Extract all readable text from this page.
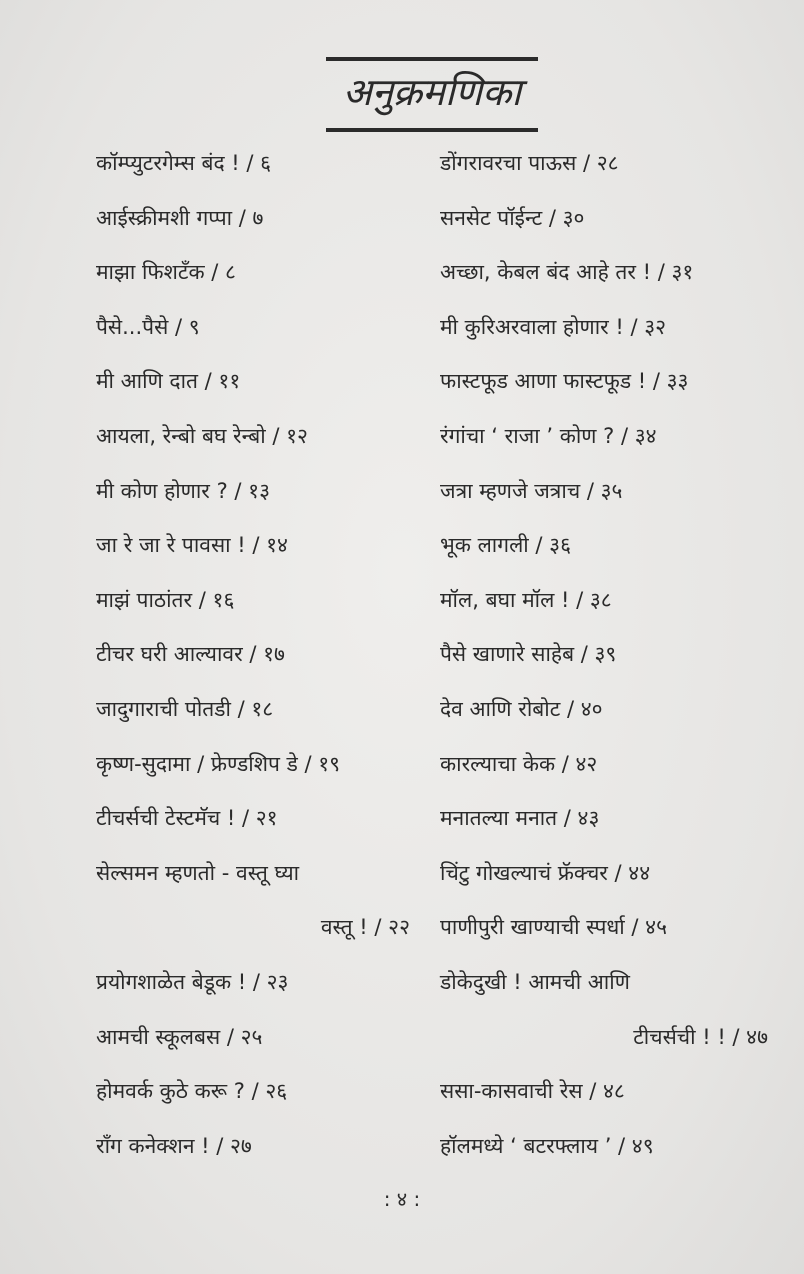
अनुक्रमणिका
कॉम्प्युटरगेम्स बंद ! / ६
आईस्क्रीमशी गप्पा / ७
माझा फिशटँक / ८
पैसे...पैसे / ९
मी आणि दात / ११
आयला, रेन्बो बघ रेन्बो / १२
मी कोण होणार ? / १३
जा रे जा रे पावसा ! / १४
माझं पाठांतर / १६
टीचर घरी आल्यावर / १७
जादुगाराची पोतडी / १८
कृष्ण-सुदामा / फ्रेण्डशिप डे / १९
टीचर्सची टेस्टमॅच ! / २१
सेल्समन म्हणतो - वस्तू घ्या
वस्तू ! / २२
प्रयोगशाळेत बेडूक ! / २३
आमची स्कूलबस / २५
होमवर्क कुठे करू ? / २६
रॉंग कनेक्शन ! / २७
डोंगरावरचा पाऊस / २८
सनसेट पॉईन्ट / ३०
अच्छा, केबल बंद आहे तर ! / ३१
मी कुरिअरवाला होणार ! / ३२
फास्टफूड आणा फास्टफूड ! / ३३
रंगांचा ‘ राजा ’ कोण ? / ३४
जत्रा म्हणजे जत्राच / ३५
भूक लागली / ३६
मॉल, बघा मॉल ! / ३८
पैसे खाणारे साहेब / ३९
देव आणि रोबोट / ४०
कारल्याचा केक / ४२
मनातल्या मनात / ४३
चिंटु गोखल्याचं फ्रॅक्चर / ४४
पाणीपुरी खाण्याची स्पर्धा / ४५
डोकेदुखी ! आमची आणि
टीचर्सची ! ! / ४७
ससा-कासवाची रेस / ४८
हॉलमध्ये ‘ बटरफ्लाय ’ / ४९
: ४ :
